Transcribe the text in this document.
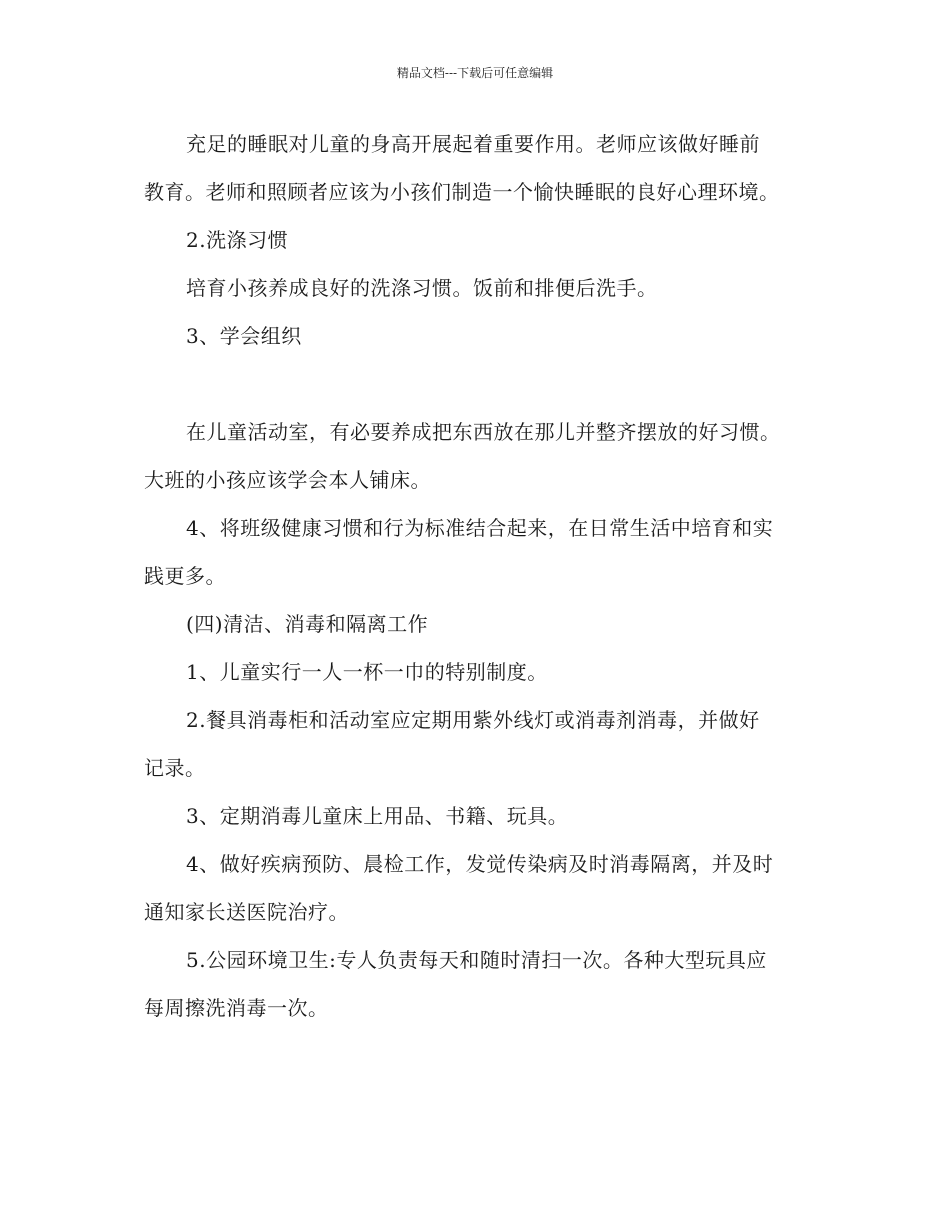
精品文档---下载后可任意编辑
充足的睡眠对儿童的身高开展起着重要作用。老师应该做好睡前
教育。老师和照顾者应该为小孩们制造一个愉快睡眠的良好心理环境。
2.洗涤习惯
培育小孩养成良好的洗涤习惯。饭前和排便后洗手。
3、学会组织
在儿童活动室，有必要养成把东西放在那儿并整齐摆放的好习惯。
大班的小孩应该学会本人铺床。
4、将班级健康习惯和行为标准结合起来，在日常生活中培育和实
践更多。
(四)清洁、消毒和隔离工作
1、儿童实行一人一杯一巾的特别制度。
2.餐具消毒柜和活动室应定期用紫外线灯或消毒剂消毒，并做好
记录。
3、定期消毒儿童床上用品、书籍、玩具。
4、做好疾病预防、晨检工作，发觉传染病及时消毒隔离，并及时
通知家长送医院治疗。
5.公园环境卫生:专人负责每天和随时清扫一次。各种大型玩具应
每周擦洗消毒一次。
